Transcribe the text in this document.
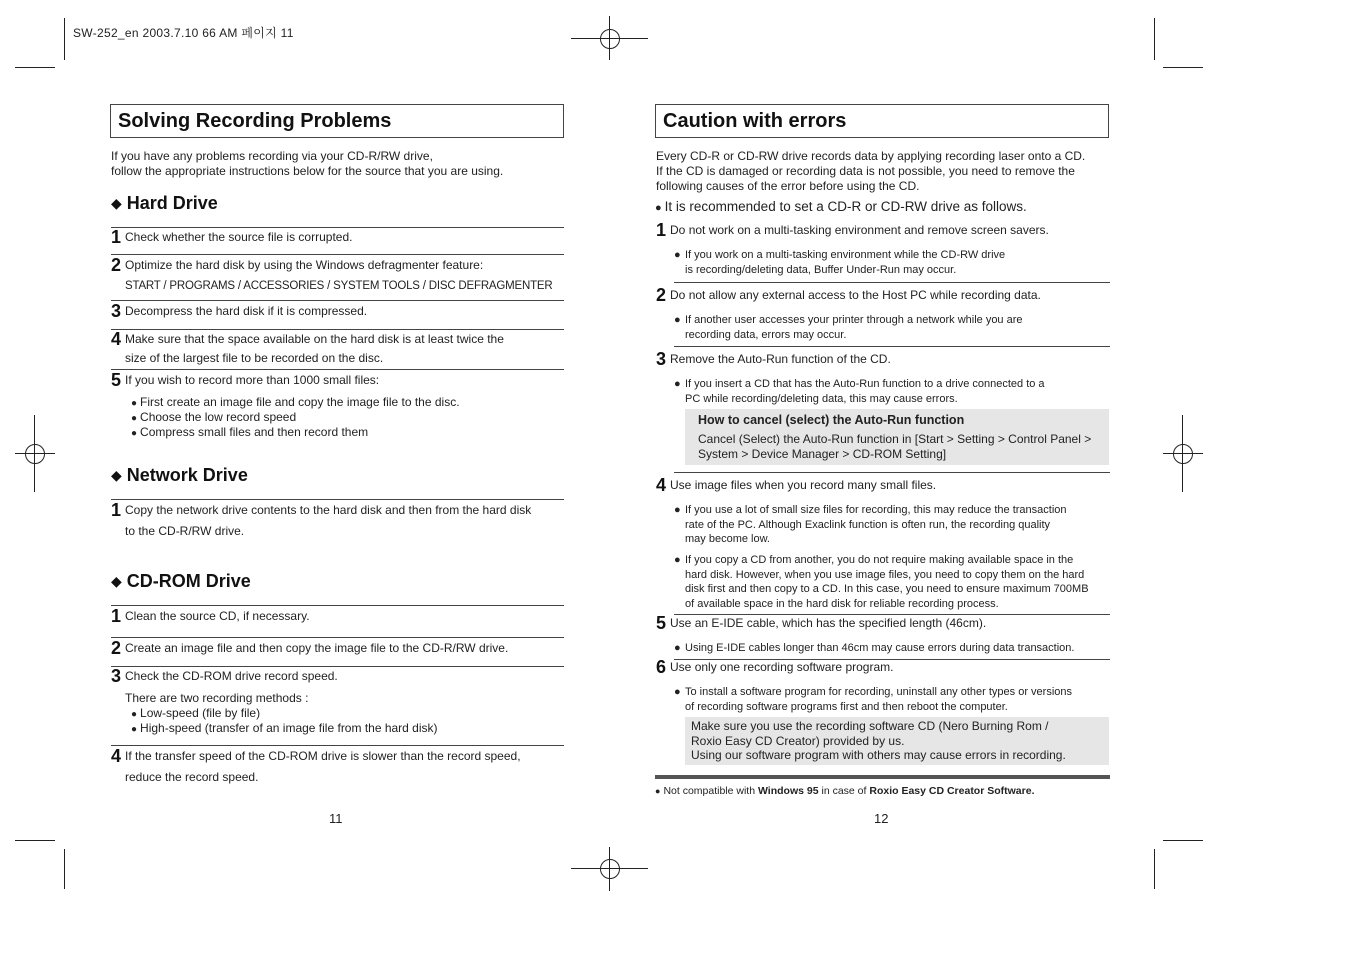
SW-252_en 2003.7.10 66 AM 페이지 11
Solving Recording Problems
If you have any problems recording via your CD-R/RW drive,
follow the appropriate instructions below for the source that you are using.
◆ Hard Drive
1 Check whether the source file is corrupted.
2 Optimize the hard disk by using the Windows defragmenter feature:
START / PROGRAMS / ACCESSORIES / SYSTEM TOOLS / DISC DEFRAGMENTER
3 Decompress the hard disk if it is compressed.
4 Make sure that the space available on the hard disk is at least twice the
size of the largest file to be recorded on the disc.
5 If you wish to record more than 1000 small files:
● First create an image file and copy the image file to the disc.
● Choose the low record speed
● Compress small files and then record them
◆ Network Drive
1 Copy the network drive contents to the hard disk and then from the hard disk
to the CD-R/RW drive.
◆ CD-ROM Drive
1 Clean the source CD, if necessary.
2 Create an image file and then copy the image file to the CD-R/RW drive.
3 Check the CD-ROM drive record speed.
There are two recording methods :
● Low-speed (file by file)
● High-speed (transfer of an image file from the hard disk)
4 If the transfer speed of the CD-ROM drive is slower than the record speed,
reduce the record speed.
11
Caution with errors
Every CD-R or CD-RW drive records data by applying recording laser onto a CD.
If the CD is damaged or recording data is not possible, you need to remove the
following causes of the error before using the CD.
● It is recommended to set a CD-R or CD-RW drive as follows.
1 Do not work on a multi-tasking environment and remove screen savers.
● If you work on a multi-tasking environment while the CD-RW drive
is recording/deleting data, Buffer Under-Run may occur.
2 Do not allow any external access to the Host PC while recording data.
● If another user accesses your printer through a network while you are
recording data, errors may occur.
3 Remove the Auto-Run function of the CD.
● If you insert a CD that has the Auto-Run function to a drive connected to a
PC while recording/deleting data, this may cause errors.
How to cancel (select) the Auto-Run function
Cancel (Select) the Auto-Run function in [Start > Setting > Control Panel >
System > Device Manager > CD-ROM Setting]
4 Use image files when you record many small files.
● If you use a lot of small size files for recording, this may reduce the transaction
rate of the PC. Although Exaclink function is often run, the recording quality
may become low.
● If you copy a CD from another, you do not require making available space in the
hard disk. However, when you use image files, you need to copy them on the hard
disk first and then copy to a CD. In this case, you need to ensure maximum 700MB
of available space in the hard disk for reliable recording process.
5 Use an E-IDE cable, which has the specified length (46cm).
● Using E-IDE cables longer than 46cm may cause errors during data transaction.
6 Use only one recording software program.
● To install a software program for recording, uninstall any other types or versions
of recording software programs first and then reboot the computer.
Make sure you use the recording software CD (Nero Burning Rom /
Roxio Easy CD Creator) provided by us.
Using our software program with others may cause errors in recording.
● Not compatible with Windows 95 in case of Roxio Easy CD Creator Software.
12
